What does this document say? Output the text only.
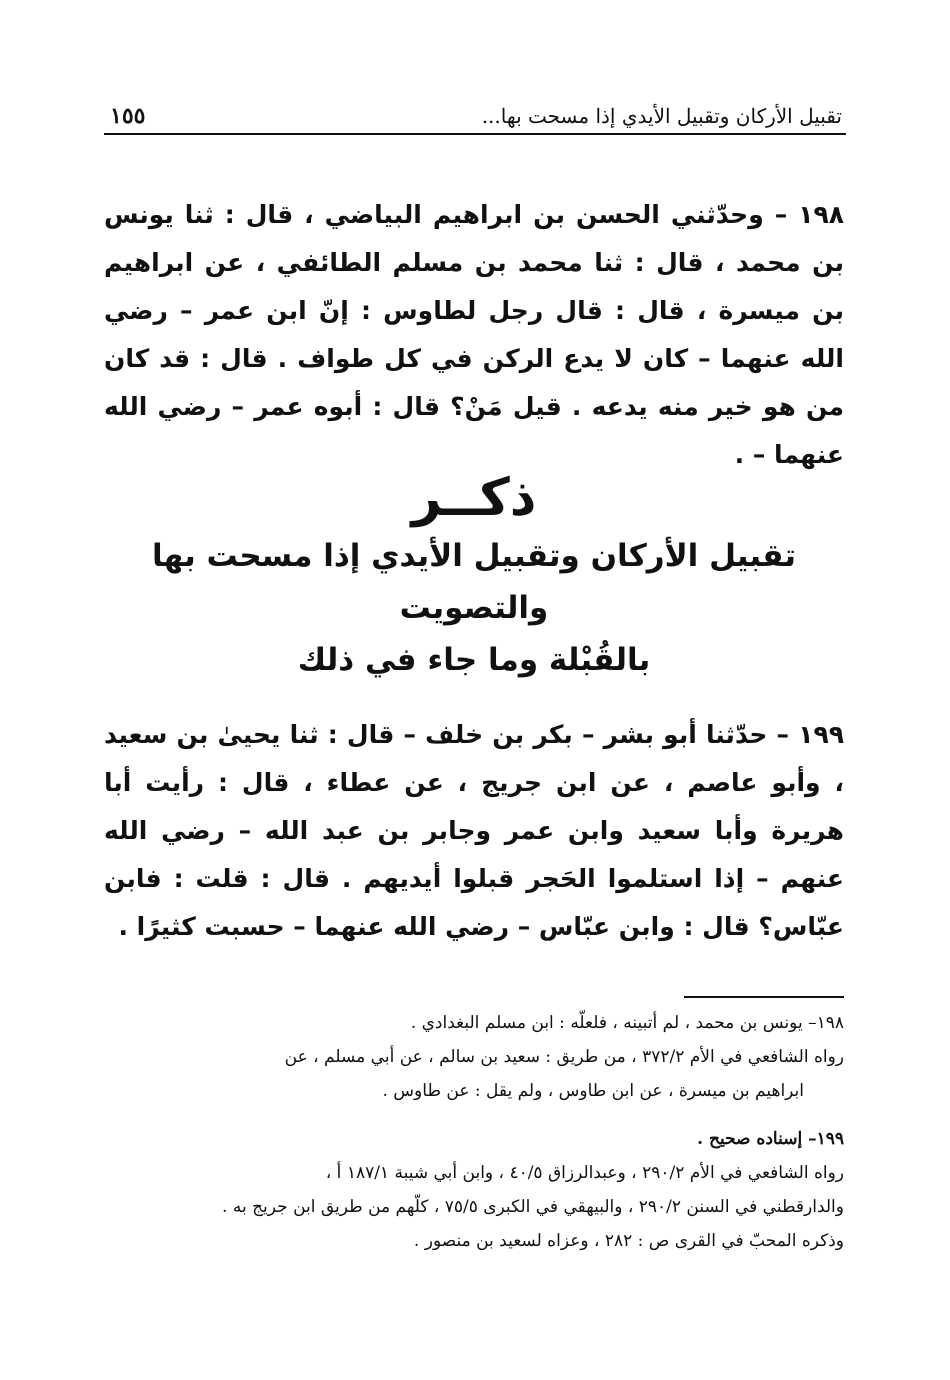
تقبيل الأركان وتقبيل الأيدي إذا مسحت بها...
١٥٥

١٩٨ – وحدّثني الحسن بن ابراهيم البياضي ، قال : ثنا يونس بن محمد ، قال : ثنا محمد بن مسلم الطائفي ، عن ابراهيم بن ميسرة ، قال : قال رجل لطاوس : إنّ ابن عمر – رضي الله عنهما – كان لا يدع الركن في كل طواف . قال : قد كان من هو خير منه يدعه . قيل مَنْ؟ قال : أبوه عمر – رضي الله عنهما – .

ذكــر
تقبيل الأركان وتقبيل الأيدي إذا مسحت بها والتصويت
بالقُبْلة وما جاء في ذلك

١٩٩ – حدّثنا أبو بشر – بكر بن خلف – قال : ثنا يحيىٰ بن سعيد ، وأبو عاصم ، عن ابن جريج ، عن عطاء ، قال : رأيت أبا هريرة وأبا سعيد وابن عمر وجابر بن عبد الله – رضي الله عنهم – إذا استلموا الحَجر قبلوا أيديهم . قال : قلت : فابن عبّاس؟ قال : وابن عبّاس – رضي الله عنهما – حسبت كثيرًا .

١٩٨– يونس بن محمد ، لم أتبينه ، فلعلّه : ابن مسلم البغدادي .
رواه الشافعي في الأم ٣٧٢/٢ ، من طريق : سعيد بن سالم ، عن أبي مسلم ، عن
ابراهيم بن ميسرة ، عن ابن طاوس ، ولم يقل : عن طاوس .
١٩٩– إسناده صحيح .
رواه الشافعي في الأم ٢٩٠/٢ ، وعبدالرزاق ٤٠/٥ ، وابن أبي شيبة ١٨٧/١ أ ،
والدارقطني في السنن ٢٩٠/٢ ، والبيهقي في الكبرى ٧٥/٥ ، كلّهم من طريق ابن جريج به .
وذكره المحبّ في القرى ص : ٢٨٢ ، وعزاه لسعيد بن منصور .
